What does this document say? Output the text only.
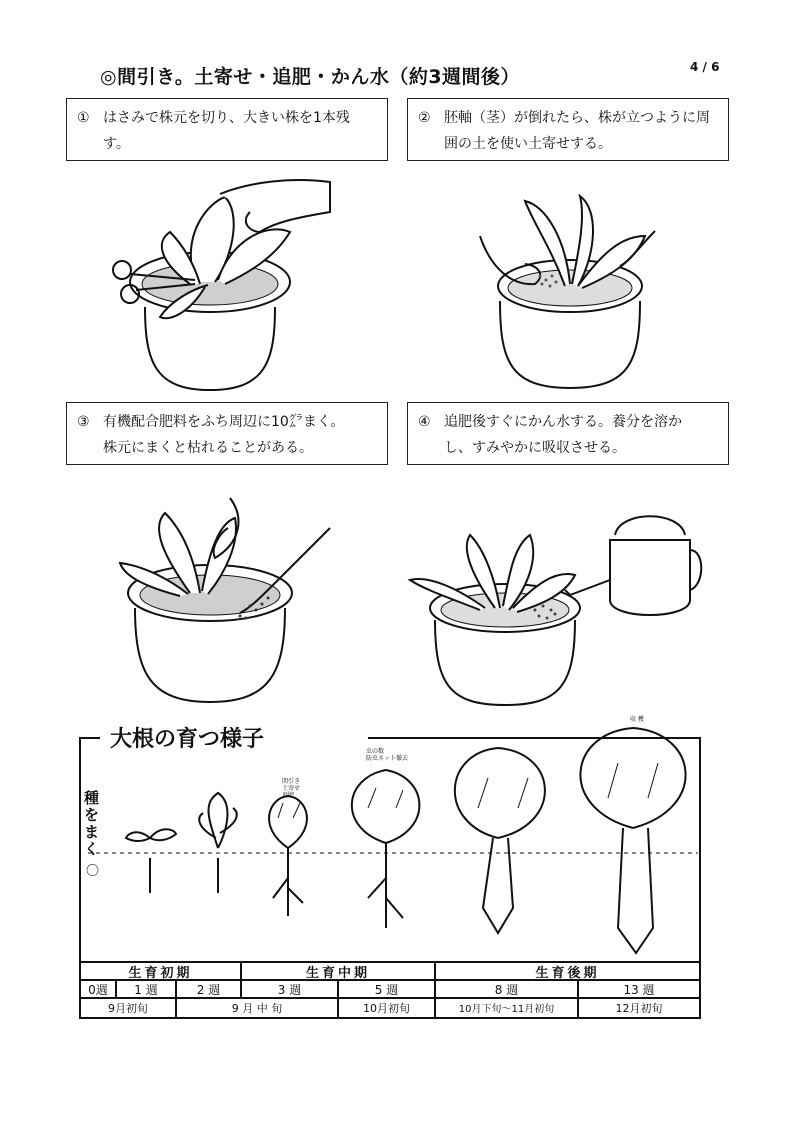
◎間引き。土寄せ・追肥・かん水（約3週間後）	4 / 6
① はさみで株元を切り、大きい株を1本残
す。
② 胚軸（茎）が倒れたら、株が立つように周
囲の土を使い土寄せする。
③ 有機配合肥料をふち周辺に10㌘まく。
株元にまくと枯れることがある。
④ 追肥後すぐにかん水する。養分を溶か
し、すみやかに吸収させる。
大根の育つ様子
種をまく
〇
間引き
土寄せ
追肥
虫の数
防虫ネット撤去
収 穫
生育初期	生育中期	生育後期
0週	1 週	2 週	3 週	5 週	8 週	13 週
9月初旬	9 月 中 旬	10月初旬	10月下旬～11月初旬	12月初旬
